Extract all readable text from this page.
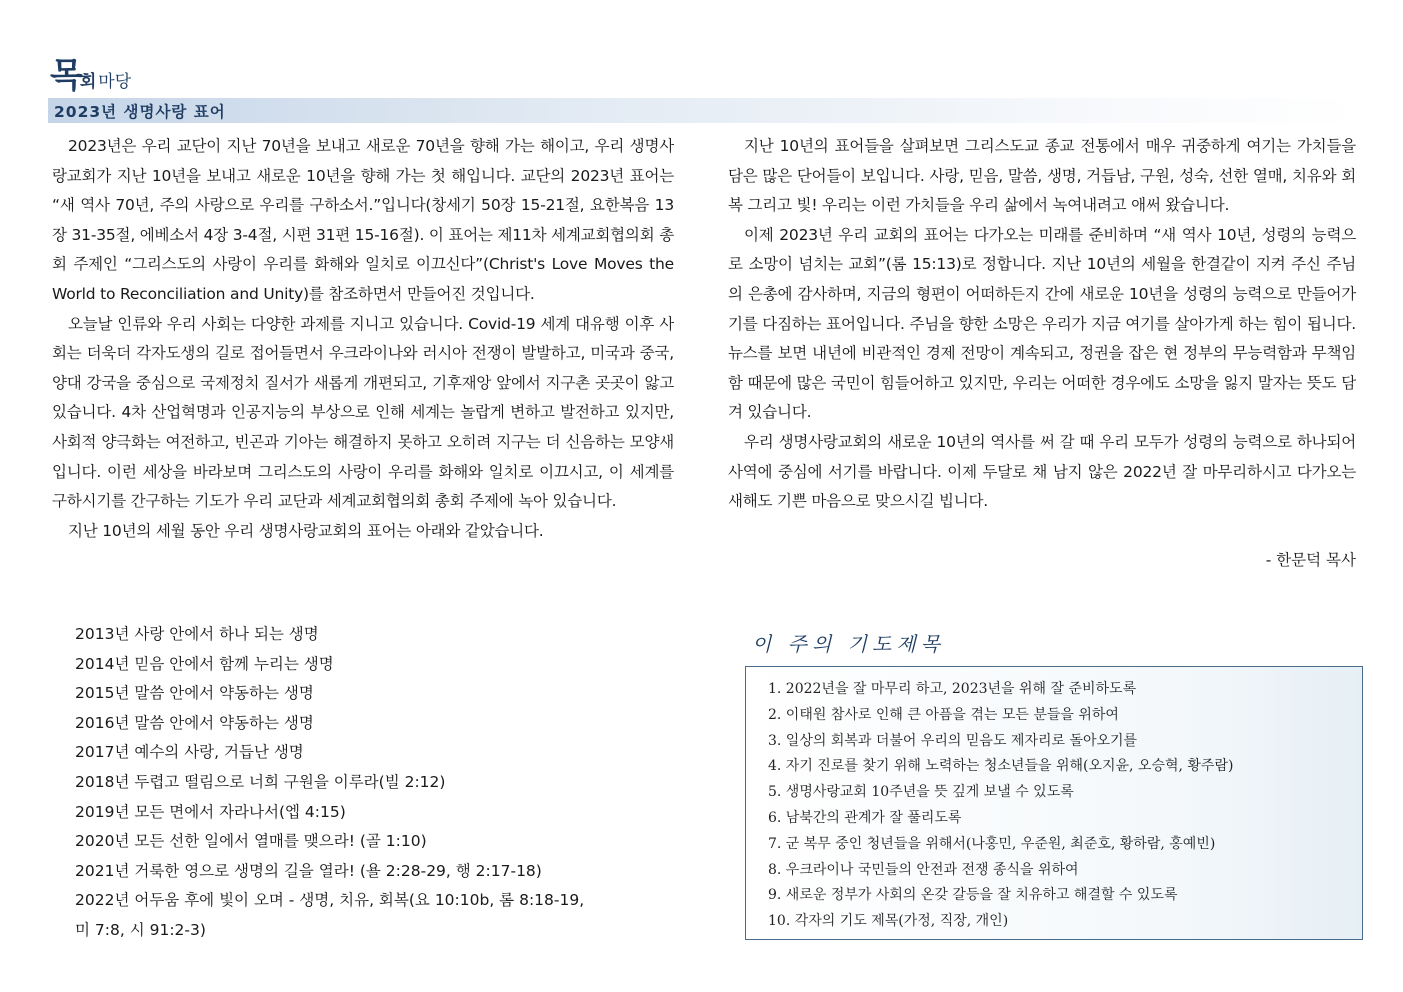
목회 마당
2023년 생명사랑 표어

2023년은 우리 교단이 지난 70년을 보내고 새로운 70년을 향해 가는 해이고, 우리 생명사랑교회가 지난 10년을 보내고 새로운 10년을 향해 가는 첫 해입니다. 교단의 2023년 표어는 “새 역사 70년, 주의 사랑으로 우리를 구하소서.”입니다(창세기 50장 15-21절, 요한복음 13장 31-35절, 에베소서 4장 3-4절, 시편 31편 15-16절). 이 표어는 제11차 세계교회협의회 총회 주제인 “그리스도의 사랑이 우리를 화해와 일치로 이끄신다”(Christ's Love Moves the World to Reconciliation and Unity)를 참조하면서 만들어진 것입니다.

오늘날 인류와 우리 사회는 다양한 과제를 지니고 있습니다. Covid-19 세계 대유행 이후 사회는 더욱더 각자도생의 길로 접어들면서 우크라이나와 러시아 전쟁이 발발하고, 미국과 중국, 양대 강국을 중심으로 국제정치 질서가 새롭게 개편되고, 기후재앙 앞에서 지구촌 곳곳이 앓고 있습니다. 4차 산업혁명과 인공지능의 부상으로 인해 세계는 놀랍게 변하고 발전하고 있지만, 사회적 양극화는 여전하고, 빈곤과 기아는 해결하지 못하고 오히려 지구는 더 신음하는 모양새입니다. 이런 세상을 바라보며 그리스도의 사랑이 우리를 화해와 일치로 이끄시고, 이 세계를 구하시기를 간구하는 기도가 우리 교단과 세계교회협의회 총회 주제에 녹아 있습니다.

지난 10년의 세월 동안 우리 생명사랑교회의 표어는 아래와 같았습니다.

2013년 사랑 안에서 하나 되는 생명
2014년 믿음 안에서 함께 누리는 생명
2015년 말씀 안에서 약동하는 생명
2016년 말씀 안에서 약동하는 생명
2017년 예수의 사랑, 거듭난 생명
2018년 두렵고 떨림으로 너희 구원을 이루라(빌 2:12)
2019년 모든 면에서 자라나서(엡 4:15)
2020년 모든 선한 일에서 열매를 맺으라! (골 1:10)
2021년 거룩한 영으로 생명의 길을 열라! (욜 2:28-29, 행 2:17-18)
2022년 어두움 후에 빛이 오며 - 생명, 치유, 회복(요 10:10b, 롬 8:18-19,
미 7:8, 시 91:2-3)

지난 10년의 표어들을 살펴보면 그리스도교 종교 전통에서 매우 귀중하게 여기는 가치들을 담은 많은 단어들이 보입니다. 사랑, 믿음, 말씀, 생명, 거듭남, 구원, 성숙, 선한 열매, 치유와 회복 그리고 빛! 우리는 이런 가치들을 우리 삶에서 녹여내려고 애써 왔습니다.

이제 2023년 우리 교회의 표어는 다가오는 미래를 준비하며 “새 역사 10년, 성령의 능력으로 소망이 넘치는 교회”(롬 15:13)로 정합니다. 지난 10년의 세월을 한결같이 지켜 주신 주님의 은총에 감사하며, 지금의 형편이 어떠하든지 간에 새로운 10년을 성령의 능력으로 만들어가기를 다짐하는 표어입니다. 주님을 향한 소망은 우리가 지금 여기를 살아가게 하는 힘이 됩니다. 뉴스를 보면 내년에 비관적인 경제 전망이 계속되고, 정권을 잡은 현 정부의 무능력함과 무책임함 때문에 많은 국민이 힘들어하고 있지만, 우리는 어떠한 경우에도 소망을 잃지 말자는 뜻도 담겨 있습니다.

우리 생명사랑교회의 새로운 10년의 역사를 써 갈 때 우리 모두가 성령의 능력으로 하나되어 사역에 중심에 서기를 바랍니다. 이제 두달로 채 남지 않은 2022년 잘 마무리하시고 다가오는 새해도 기쁜 마음으로 맞으시길 빕니다.

- 한문덕 목사
이 주의 기도제목
1. 2022년을 잘 마무리 하고, 2023년을 위해 잘 준비하도록
2. 이태원 참사로 인해 큰 아픔을 겪는 모든 분들을 위하여
3. 일상의 회복과 더불어 우리의 믿음도 제자리로 돌아오기를
4. 자기 진로를 찾기 위해 노력하는 청소년들을 위해(오지윤, 오승혁, 황주람)
5. 생명사랑교회 10주년을 뜻 깊게 보낼 수 있도록
6. 남북간의 관계가 잘 풀리도록
7. 군 복무 중인 청년들을 위해서(나홍민, 우준원, 최준호, 황하람, 홍예빈)
8. 우크라이나 국민들의 안전과 전쟁 종식을 위하여
9. 새로운 정부가 사회의 온갖 갈등을 잘 치유하고 해결할 수 있도록
10. 각자의 기도 제목(가정, 직장, 개인)
